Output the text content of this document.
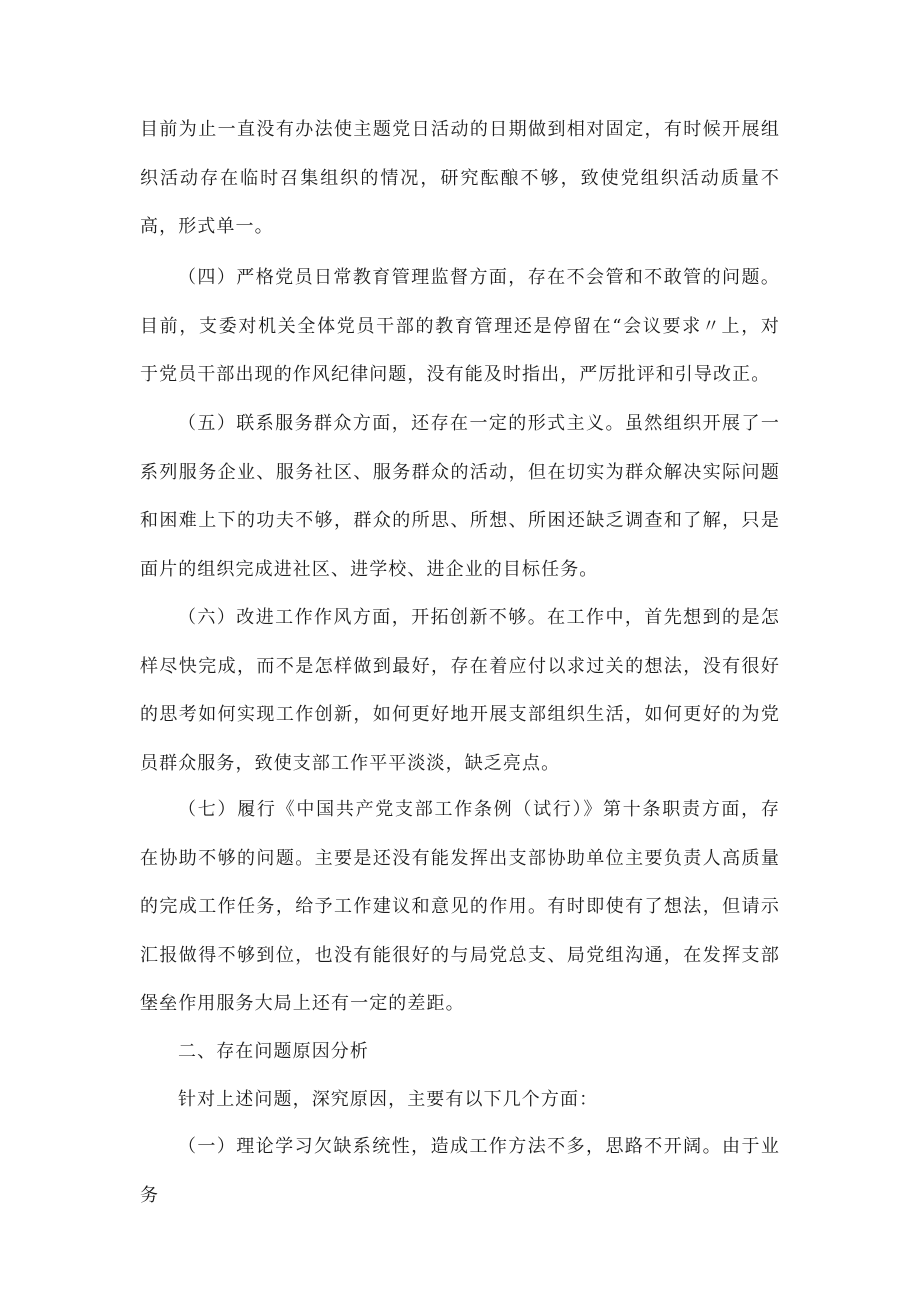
目前为止一直没有办法使主题党日活动的日期做到相对固定，有时候开展组织活动存在临时召集组织的情况，研究酝酿不够，致使党组织活动质量不高，形式单一。

（四）严格党员日常教育管理监督方面，存在不会管和不敢管的问题。目前，支委对机关全体党员干部的教育管理还是停留在“会议要求〃上，对于党员干部出现的作风纪律问题，没有能及时指出，严厉批评和引导改正。

（五）联系服务群众方面，还存在一定的形式主义。虽然组织开展了一系列服务企业、服务社区、服务群众的活动，但在切实为群众解决实际问题和困难上下的功夫不够，群众的所思、所想、所困还缺乏调查和了解，只是面片的组织完成进社区、进学校、进企业的目标任务。

（六）改进工作作风方面，开拓创新不够。在工作中，首先想到的是怎样尽快完成，而不是怎样做到最好，存在着应付以求过关的想法，没有很好的思考如何实现工作创新，如何更好地开展支部组织生活，如何更好的为党员群众服务，致使支部工作平平淡淡，缺乏亮点。

（七）履行《中国共产党支部工作条例（试行）》第十条职责方面，存在协助不够的问题。主要是还没有能发挥出支部协助单位主要负责人高质量的完成工作任务，给予工作建议和意见的作用。有时即使有了想法，但请示汇报做得不够到位，也没有能很好的与局党总支、局党组沟通，在发挥支部堡垒作用服务大局上还有一定的差距。

二、存在问题原因分析

针对上述问题，深究原因，主要有以下几个方面：

（一）理论学习欠缺系统性，造成工作方法不多，思路不开阔。由于业务
